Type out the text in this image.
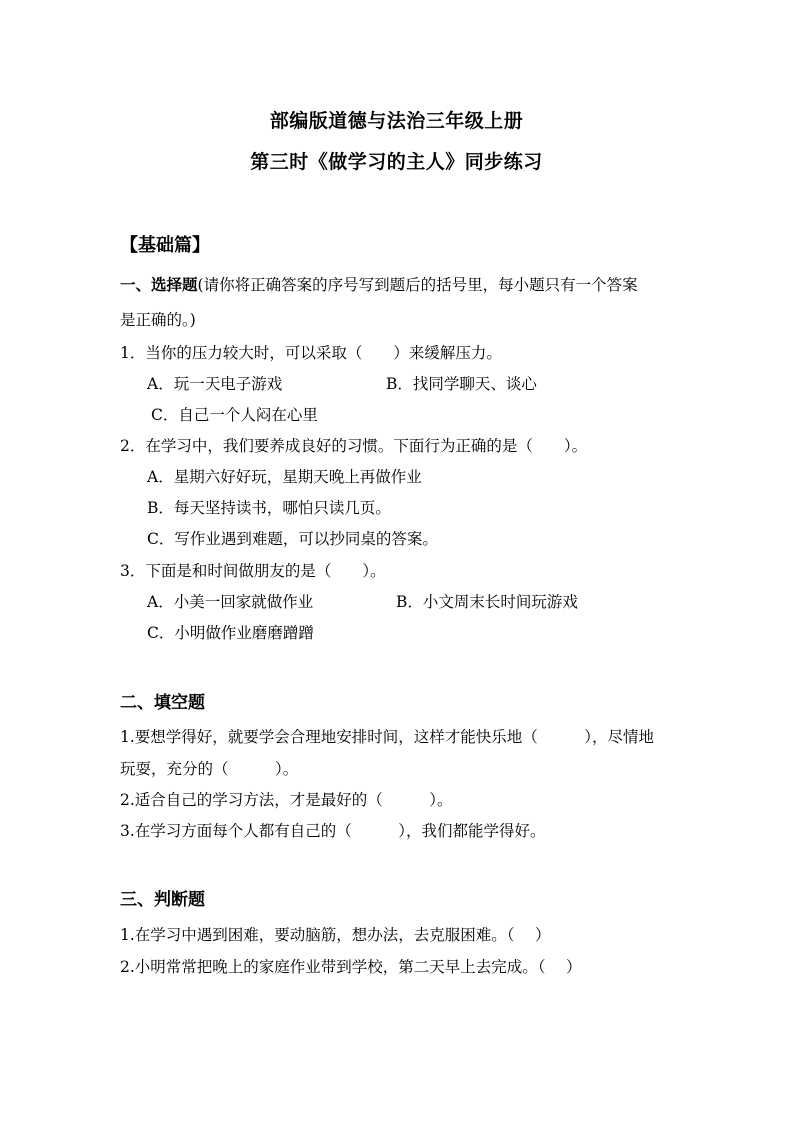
部编版道德与法治三年级上册
第三时《做学习的主人》同步练习
【基础篇】
一、选择题(请你将正确答案的序号写到题后的括号里，每小题只有一个答案
是正确的。)
1．当你的压力较大时，可以采取（　　）来缓解压力。
A．玩一天电子游戏	B．找同学聊天、谈心
C．自己一个人闷在心里
2．在学习中，我们要养成良好的习惯。下面行为正确的是（　　）。
A．星期六好好玩，星期天晚上再做作业
B．每天坚持读书，哪怕只读几页。
C．写作业遇到难题，可以抄同桌的答案。
3．下面是和时间做朋友的是（　　）。
A．小美一回家就做作业	B．小文周末长时间玩游戏
C．小明做作业磨磨蹭蹭
二、填空题
1.要想学得好，就要学会合理地安排时间，这样才能快乐地（　　　），尽情地
玩耍，充分的（　　　）。
2.适合自己的学习方法，才是最好的（　　　）。
3.在学习方面每个人都有自己的（　　　），我们都能学得好。
三、判断题
1.在学习中遇到困难，要动脑筋，想办法，去克服困难。（　 ）
2.小明常常把晚上的家庭作业带到学校，第二天早上去完成。（　 ）
